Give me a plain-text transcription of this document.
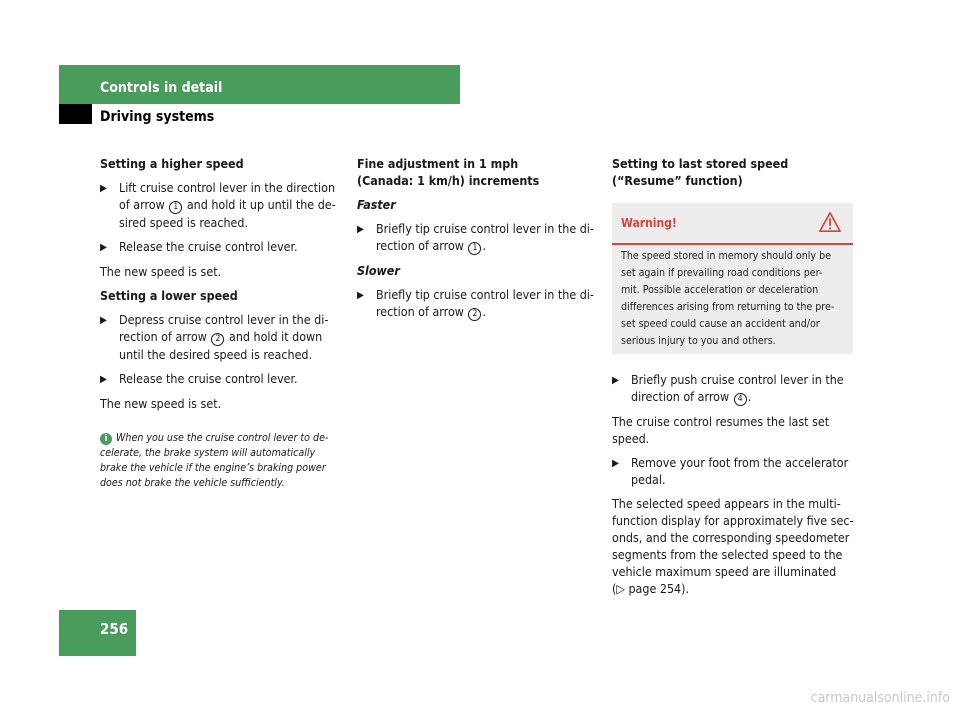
Controls in detail
Driving systems

Setting a higher speed

▶ Lift cruise control lever in the direction
of arrow 1 and hold it up until the de-
sired speed is reached.
▶ Release the cruise control lever.

The new speed is set.

Setting a lower speed

▶ Depress cruise control lever in the di-
rection of arrow 2 and hold it down
until the desired speed is reached.
▶ Release the cruise control lever.

The new speed is set.

i When you use the cruise control lever to de-celerate, the brake system will automatically brake the vehicle if the engine’s braking power does not brake the vehicle sufficiently.

Fine adjustment in 1 mph
(Canada: 1 km/h) increments

Faster

▶ Briefly tip cruise control lever in the di-
rection of arrow 1 .

Slower

▶ Briefly tip cruise control lever in the di-
rection of arrow 2 .

Setting to last stored speed
(“Resume” function)

Warning!
The speed stored in memory should only be
set again if prevailing road conditions per-
mit. Possible acceleration or deceleration
differences arising from returning to the pre-
set speed could cause an accident and/or
serious injury to you and others.
▶ Briefly push cruise control lever in the
direction of arrow 4 .

The cruise control resumes the last set
speed.

▶ Remove your foot from the accelerator
pedal.

The selected speed appears in the multi-
function display for approximately five sec-
onds, and the corresponding speedometer
segments from the selected speed to the
vehicle maximum speed are illuminated
(▷ page 254).

256
carmanualsonline.info
